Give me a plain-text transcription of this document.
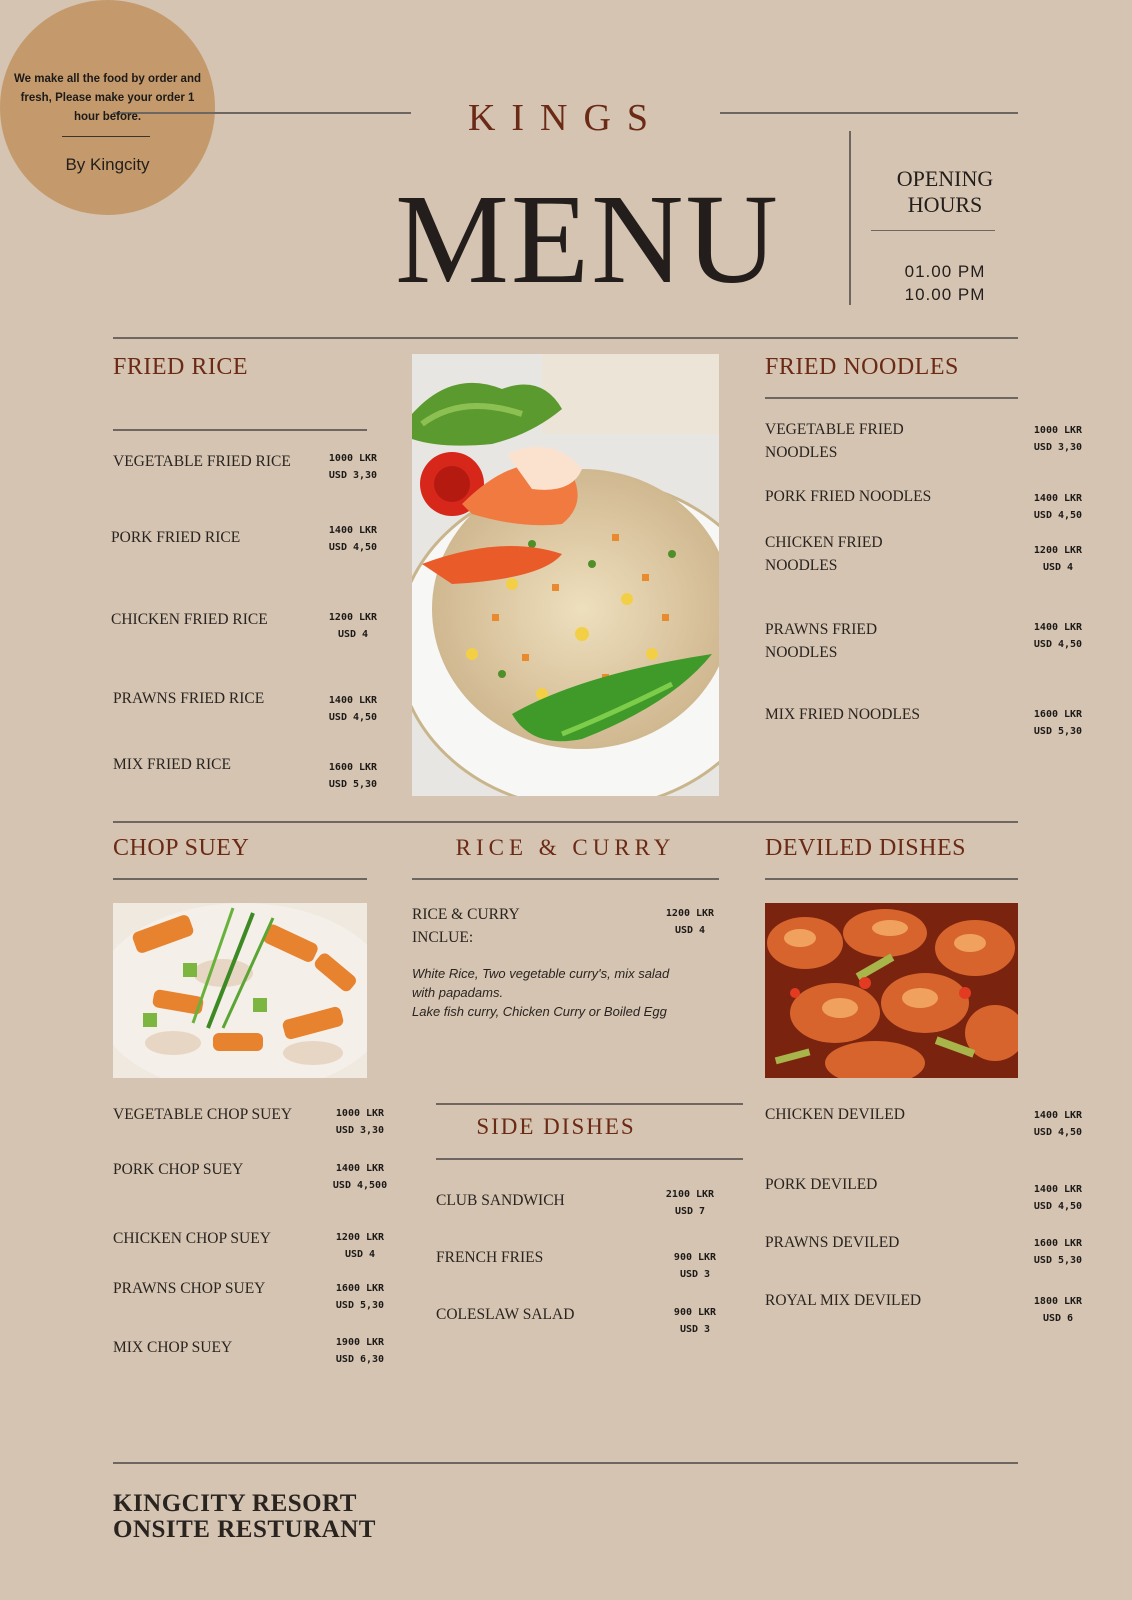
KINGS
We make all the food by order and fresh, Please make your order 1 hour before.
By Kingcity
MENU	OPENING
HOURS
01.00 PM
10.00 PM
FRIED RICE
VEGETABLE FRIED RICE	1000 LKR
USD 3,30
PORK FRIED RICE	1400 LKR
USD 4,50
CHICKEN FRIED RICE	1200 LKR
USD 4
PRAWNS FRIED RICE	1400 LKR
USD 4,50
MIX FRIED RICE	1600 LKR
USD 5,30
FRIED NOODLES
VEGETABLE FRIED
NOODLES
1000 LKR
USD 3,30
PORK FRIED NOODLES	1400 LKR
USD 4,50
CHICKEN FRIED
NOODLES
1200 LKR
USD 4
PRAWNS FRIED
NOODLES
1400 LKR
USD 4,50
MIX FRIED NOODLES	1600 LKR
USD 5,30
CHOP SUEY
VEGETABLE CHOP SUEY	1000 LKR
USD 3,30
PORK CHOP SUEY	1400 LKR
USD 4,500
CHICKEN CHOP SUEY	1200 LKR
USD 4
PRAWNS CHOP SUEY	1600 LKR
USD 5,30
MIX CHOP SUEY	1900 LKR
USD 6,30
RICE & CURRY
RICE & CURRY
INCLUE:
1200 LKR
USD 4
White Rice, Two vegetable curry's, mix salad
with papadams.
Lake fish curry, Chicken Curry or Boiled Egg
SIDE DISHES
CLUB SANDWICH	2100 LKR
USD 7
FRENCH FRIES	900 LKR
USD 3
COLESLAW SALAD	900 LKR
USD 3
DEVILED DISHES
CHICKEN DEVILED	1400 LKR
USD 4,50
PORK DEVILED	1400 LKR
USD 4,50
PRAWNS DEVILED	1600 LKR
USD 5,30
ROYAL MIX DEVILED	1800 LKR
USD 6
KINGCITY RESORT
ONSITE RESTURANT
